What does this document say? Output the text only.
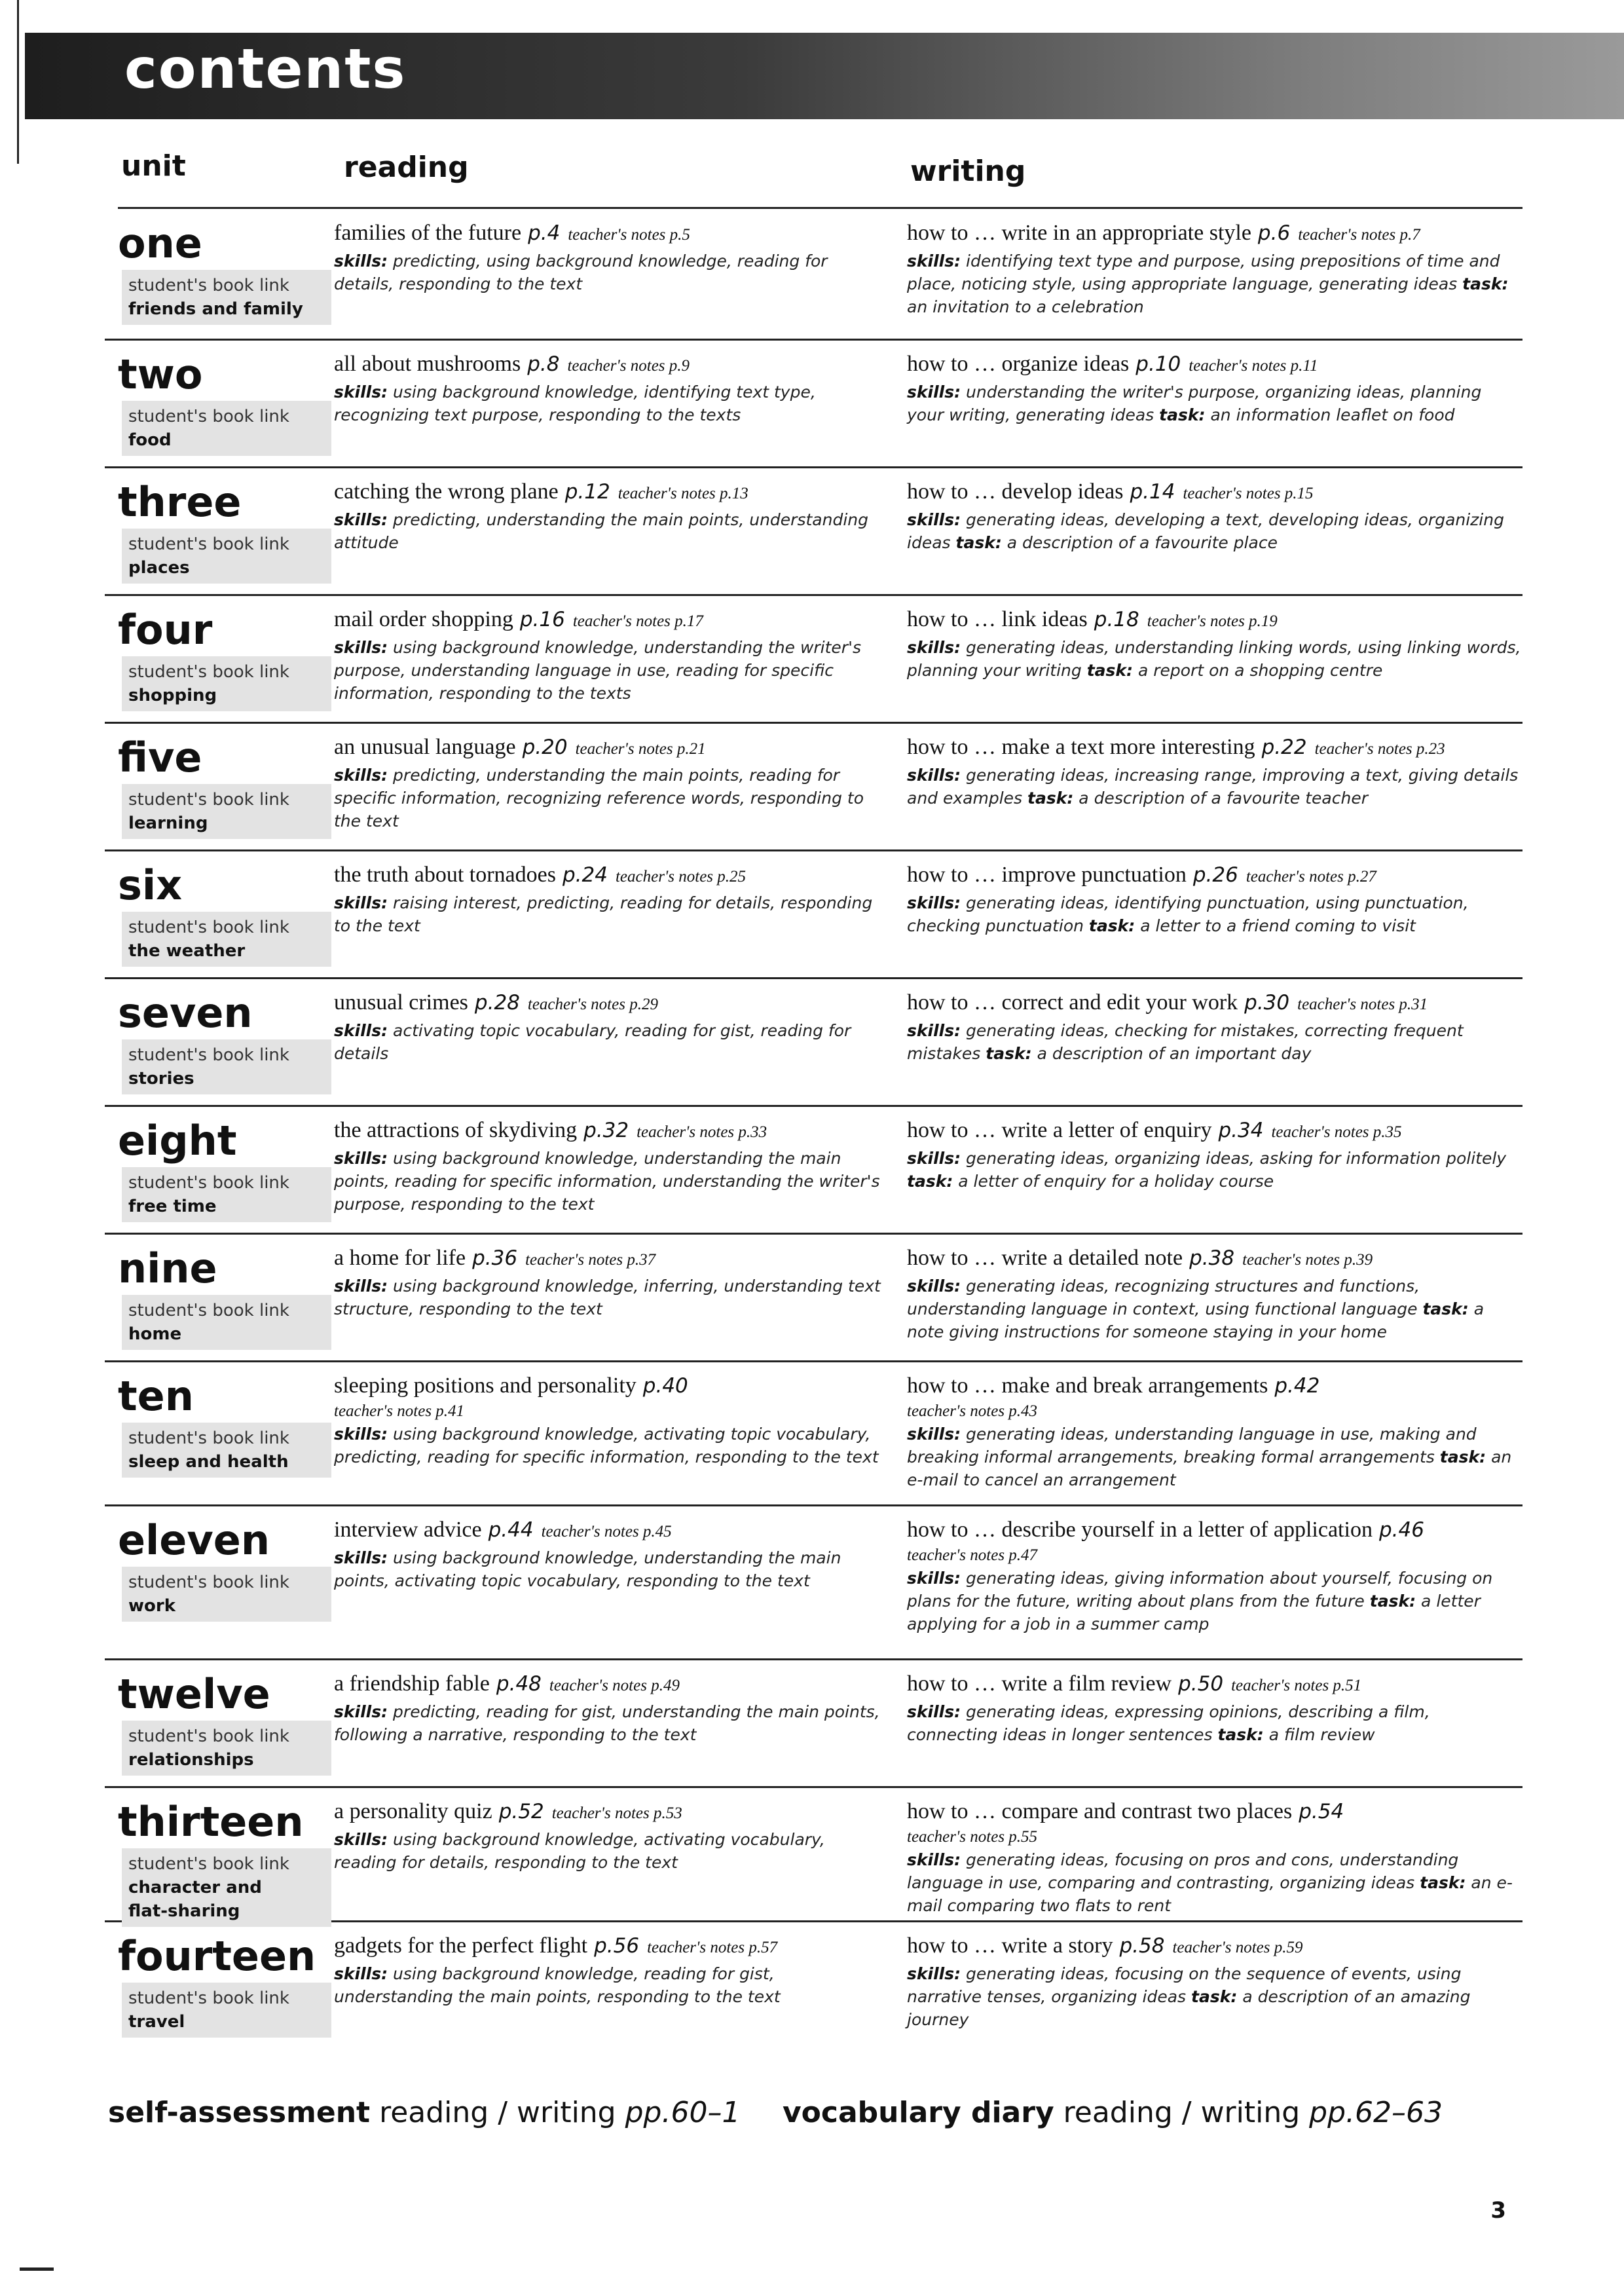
contents
unit	reading	writing
one
student's book link
friends and family
families of the future p.4 teacher's notes p.5
skills: predicting, using background knowledge, reading for details, responding to the text
how to … write in an appropriate style p.6 teacher's notes p.7
skills: identifying text type and purpose, using prepositions of time and place, noticing style, using appropriate language, generating ideas task: an invitation to a celebration
two
student's book link
food
all about mushrooms p.8 teacher's notes p.9
skills: using background knowledge, identifying text type, recognizing text purpose, responding to the texts
how to … organize ideas p.10 teacher's notes p.11
skills: understanding the writer's purpose, organizing ideas, planning your writing, generating ideas task: an information leaflet on food
three
student's book link
places
catching the wrong plane p.12 teacher's notes p.13
skills: predicting, understanding the main points, understanding attitude
how to … develop ideas p.14 teacher's notes p.15
skills: generating ideas, developing a text, developing ideas, organizing ideas task: a description of a favourite place
four
student's book link
shopping
mail order shopping p.16 teacher's notes p.17
skills: using background knowledge, understanding the writer's purpose, understanding language in use, reading for specific information, responding to the texts
how to … link ideas p.18 teacher's notes p.19
skills: generating ideas, understanding linking words, using linking words, planning your writing task: a report on a shopping centre
five
student's book link
learning
an unusual language p.20 teacher's notes p.21
skills: predicting, understanding the main points, reading for specific information, recognizing reference words, responding to the text
how to … make a text more interesting p.22 teacher's notes p.23
skills: generating ideas, increasing range, improving a text, giving details and examples task: a description of a favourite teacher
six
student's book link
the weather
the truth about tornadoes p.24 teacher's notes p.25
skills: raising interest, predicting, reading for details, responding to the text
how to … improve punctuation p.26 teacher's notes p.27
skills: generating ideas, identifying punctuation, using punctuation, checking punctuation task: a letter to a friend coming to visit
seven
student's book link
stories
unusual crimes p.28 teacher's notes p.29
skills: activating topic vocabulary, reading for gist, reading for details
how to … correct and edit your work p.30 teacher's notes p.31
skills: generating ideas, checking for mistakes, correcting frequent mistakes task: a description of an important day
eight
student's book link
free time
the attractions of skydiving p.32 teacher's notes p.33
skills: using background knowledge, understanding the main points, reading for specific information, understanding the writer's purpose, responding to the text
how to … write a letter of enquiry p.34 teacher's notes p.35
skills: generating ideas, organizing ideas, asking for information politely task: a letter of enquiry for a holiday course
nine
student's book link
home
a home for life p.36 teacher's notes p.37
skills: using background knowledge, inferring, understanding text structure, responding to the text
how to … write a detailed note p.38 teacher's notes p.39
skills: generating ideas, recognizing structures and functions, understanding language in context, using functional language task: a note giving instructions for someone staying in your home
ten
student's book link
sleep and health
sleeping positions and personality p.40
teacher's notes p.41
skills: using background knowledge, activating topic vocabulary, predicting, reading for specific information, responding to the text
how to … make and break arrangements p.42
teacher's notes p.43
skills: generating ideas, understanding language in use, making and breaking informal arrangements, breaking formal arrangements task: an e-mail to cancel an arrangement
eleven
student's book link
work
interview advice p.44 teacher's notes p.45
skills: using background knowledge, understanding the main points, activating topic vocabulary, responding to the text
how to … describe yourself in a letter of application p.46
teacher's notes p.47
skills: generating ideas, giving information about yourself, focusing on plans for the future, writing about plans from the future task: a letter applying for a job in a summer camp
twelve
student's book link
relationships
a friendship fable p.48 teacher's notes p.49
skills: predicting, reading for gist, understanding the main points, following a narrative, responding to the text
how to … write a film review p.50 teacher's notes p.51
skills: generating ideas, expressing opinions, describing a film, connecting ideas in longer sentences task: a film review
thirteen
student's book link
character and
flat-sharing
a personality quiz p.52 teacher's notes p.53
skills: using background knowledge, activating vocabulary, reading for details, responding to the text
how to … compare and contrast two places p.54
teacher's notes p.55
skills: generating ideas, focusing on pros and cons, understanding language in use, comparing and contrasting, organizing ideas task: an e-mail comparing two flats to rent
fourteen
student's book link
travel
gadgets for the perfect flight p.56 teacher's notes p.57
skills: using background knowledge, reading for gist, understanding the main points, responding to the text
how to … write a story p.58 teacher's notes p.59
skills: generating ideas, focusing on the sequence of events, using narrative tenses, organizing ideas task: a description of an amazing journey
self-assessment reading / writing pp.60–1 vocabulary diary reading / writing pp.62–63
3
